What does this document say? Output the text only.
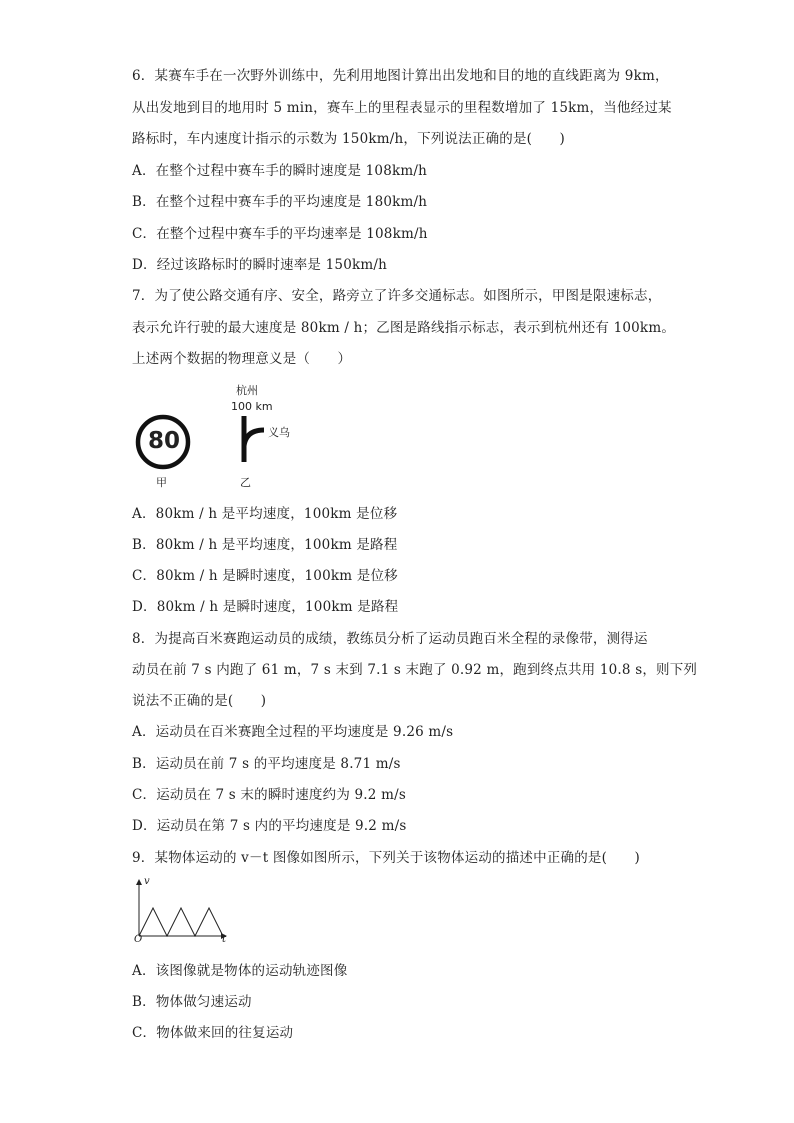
6．某赛车手在一次野外训练中，先利用地图计算出出发地和目的地的直线距离为 9km，
从出发地到目的地用时 5 min，赛车上的里程表显示的里程数增加了 15km，当他经过某
路标时，车内速度计指示的示数为 150km/h，下列说法正确的是(　　)
A．在整个过程中赛车手的瞬时速度是 108km/h
B．在整个过程中赛车手的平均速度是 180km/h
C．在整个过程中赛车手的平均速率是 108km/h
D．经过该路标时的瞬时速率是 150km/h
7．为了使公路交通有序、安全，路旁立了许多交通标志。如图所示，甲图是限速标志，
表示允许行驶的最大速度是 80km / h；乙图是路线指示标志，表示到杭州还有 100km。
上述两个数据的物理意义是（　　）
80
甲
杭州
100 km
义乌
乙
A．80km / h 是平均速度，100km 是位移
B．80km / h 是平均速度，100km 是路程
C．80km / h 是瞬时速度，100km 是位移
D．80km / h 是瞬时速度，100km 是路程
8．为提高百米赛跑运动员的成绩，教练员分析了运动员跑百米全程的录像带，测得运
动员在前 7 s 内跑了 61 m，7 s 末到 7.1 s 末跑了 0.92 m，跑到终点共用 10.8 s，则下列
说法不正确的是(　　)
A．运动员在百米赛跑全过程的平均速度是 9.26 m/s
B．运动员在前 7 s 的平均速度是 8.71 m/s
C．运动员在 7 s 末的瞬时速度约为 9.2 m/s
D．运动员在第 7 s 内的平均速度是 9.2 m/s
9．某物体运动的 v－t 图像如图所示，下列关于该物体运动的描述中正确的是(　　)
v
t
O
A．该图像就是物体的运动轨迹图像
B．物体做匀速运动
C．物体做来回的往复运动
